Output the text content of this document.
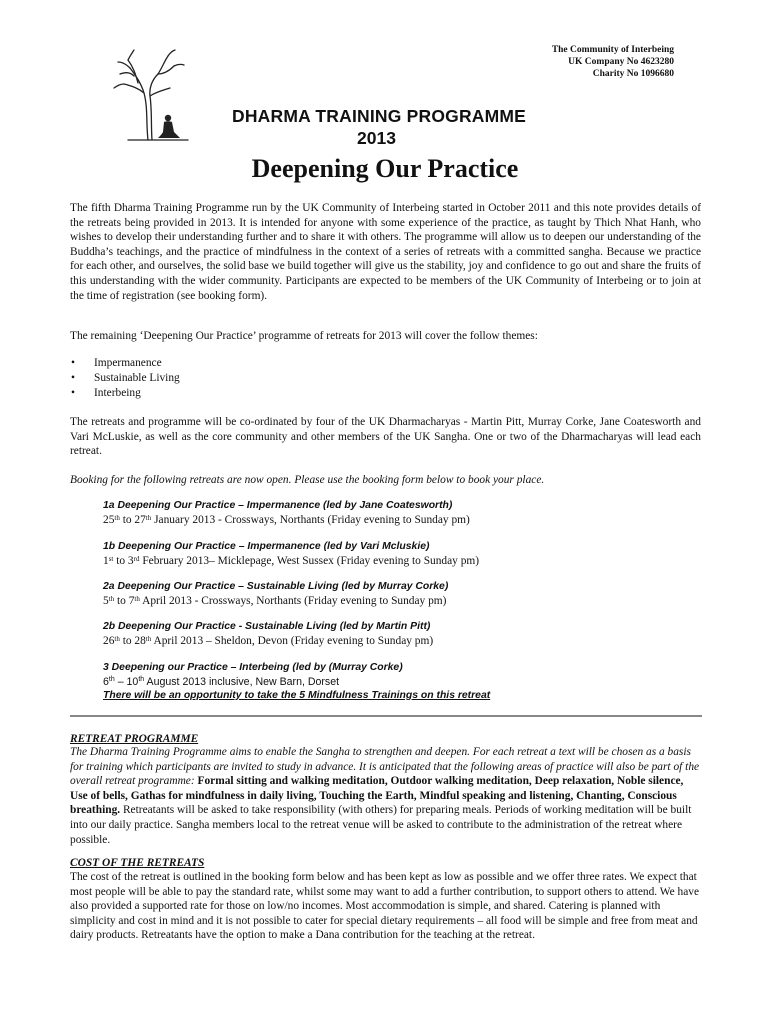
The Community of Interbeing
UK Company No 4623280
Charity No 1096680
DHARMA TRAINING PROGRAMME
2013
Deepening Our Practice
The fifth Dharma Training Programme run by the UK Community of Interbeing started in October 2011 and this note provides details of the retreats being provided in 2013. It is intended for anyone with some experience of the practice, as taught by Thich Nhat Hanh, who wishes to develop their understanding further and to share it with others. The programme will allow us to deepen our understanding of the Buddha’s teachings, and the practice of mindfulness in the context of a series of retreats with a committed sangha. Because we practice for each other, and ourselves, the solid base we build together will give us the stability, joy and confidence to go out and share the fruits of this understanding with the wider community. Participants are expected to be members of the UK Community of Interbeing or to join at the time of registration (see booking form).
The remaining ‘Deepening Our Practice’ programme of retreats for 2013 will cover the follow themes:
• Impermanence
• Sustainable Living
• Interbeing
The retreats and programme will be co-ordinated by four of the UK Dharmacharyas - Martin Pitt, Murray Corke, Jane Coatesworth and Vari McLuskie, as well as the core community and other members of the UK Sangha. One or two of the Dharmacharyas will lead each retreat.
Booking for the following retreats are now open. Please use the booking form below to book your place.
1a Deepening Our Practice – Impermanence (led by Jane Coatesworth)
25th to 27th January 2013 - Crossways, Northants (Friday evening to Sunday pm)
1b Deepening Our Practice – Impermanence (led by Vari Mcluskie)
1st to 3rd February 2013– Micklepage, West Sussex (Friday evening to Sunday pm)
2a Deepening Our Practice – Sustainable Living (led by Murray Corke)
5th to 7th April 2013 - Crossways, Northants (Friday evening to Sunday pm)
2b Deepening Our Practice - Sustainable Living (led by Martin Pitt)
26th to 28th April 2013 – Sheldon, Devon (Friday evening to Sunday pm)
3 Deepening our Practice – Interbeing (led by (Murray Corke)
6th – 10th August 2013 inclusive, New Barn, Dorset
There will be an opportunity to take the 5 Mindfulness Trainings on this retreat
RETREAT PROGRAMME
The Dharma Training Programme aims to enable the Sangha to strengthen and deepen. For each retreat a text will be chosen as a basis for training which participants are invited to study in advance. It is anticipated that the following areas of practice will also be part of the overall retreat programme: Formal sitting and walking meditation, Outdoor walking meditation, Deep relaxation, Noble silence, Use of bells, Gathas for mindfulness in daily living, Touching the Earth, Mindful speaking and listening, Chanting, Conscious breathing. Retreatants will be asked to take responsibility (with others) for preparing meals. Periods of working meditation will be built into our daily practice. Sangha members local to the retreat venue will be asked to contribute to the administration of the retreat where possible.
COST OF THE RETREATS
The cost of the retreat is outlined in the booking form below and has been kept as low as possible and we offer three rates. We expect that most people will be able to pay the standard rate, whilst some may want to add a further contribution, to support others to attend. We have also provided a supported rate for those on low/no incomes. Most accommodation is simple, and shared. Catering is planned with simplicity and cost in mind and it is not possible to cater for special dietary requirements – all food will be simple and free from meat and dairy products. Retreatants have the option to make a Dana contribution for the teaching at the retreat.
